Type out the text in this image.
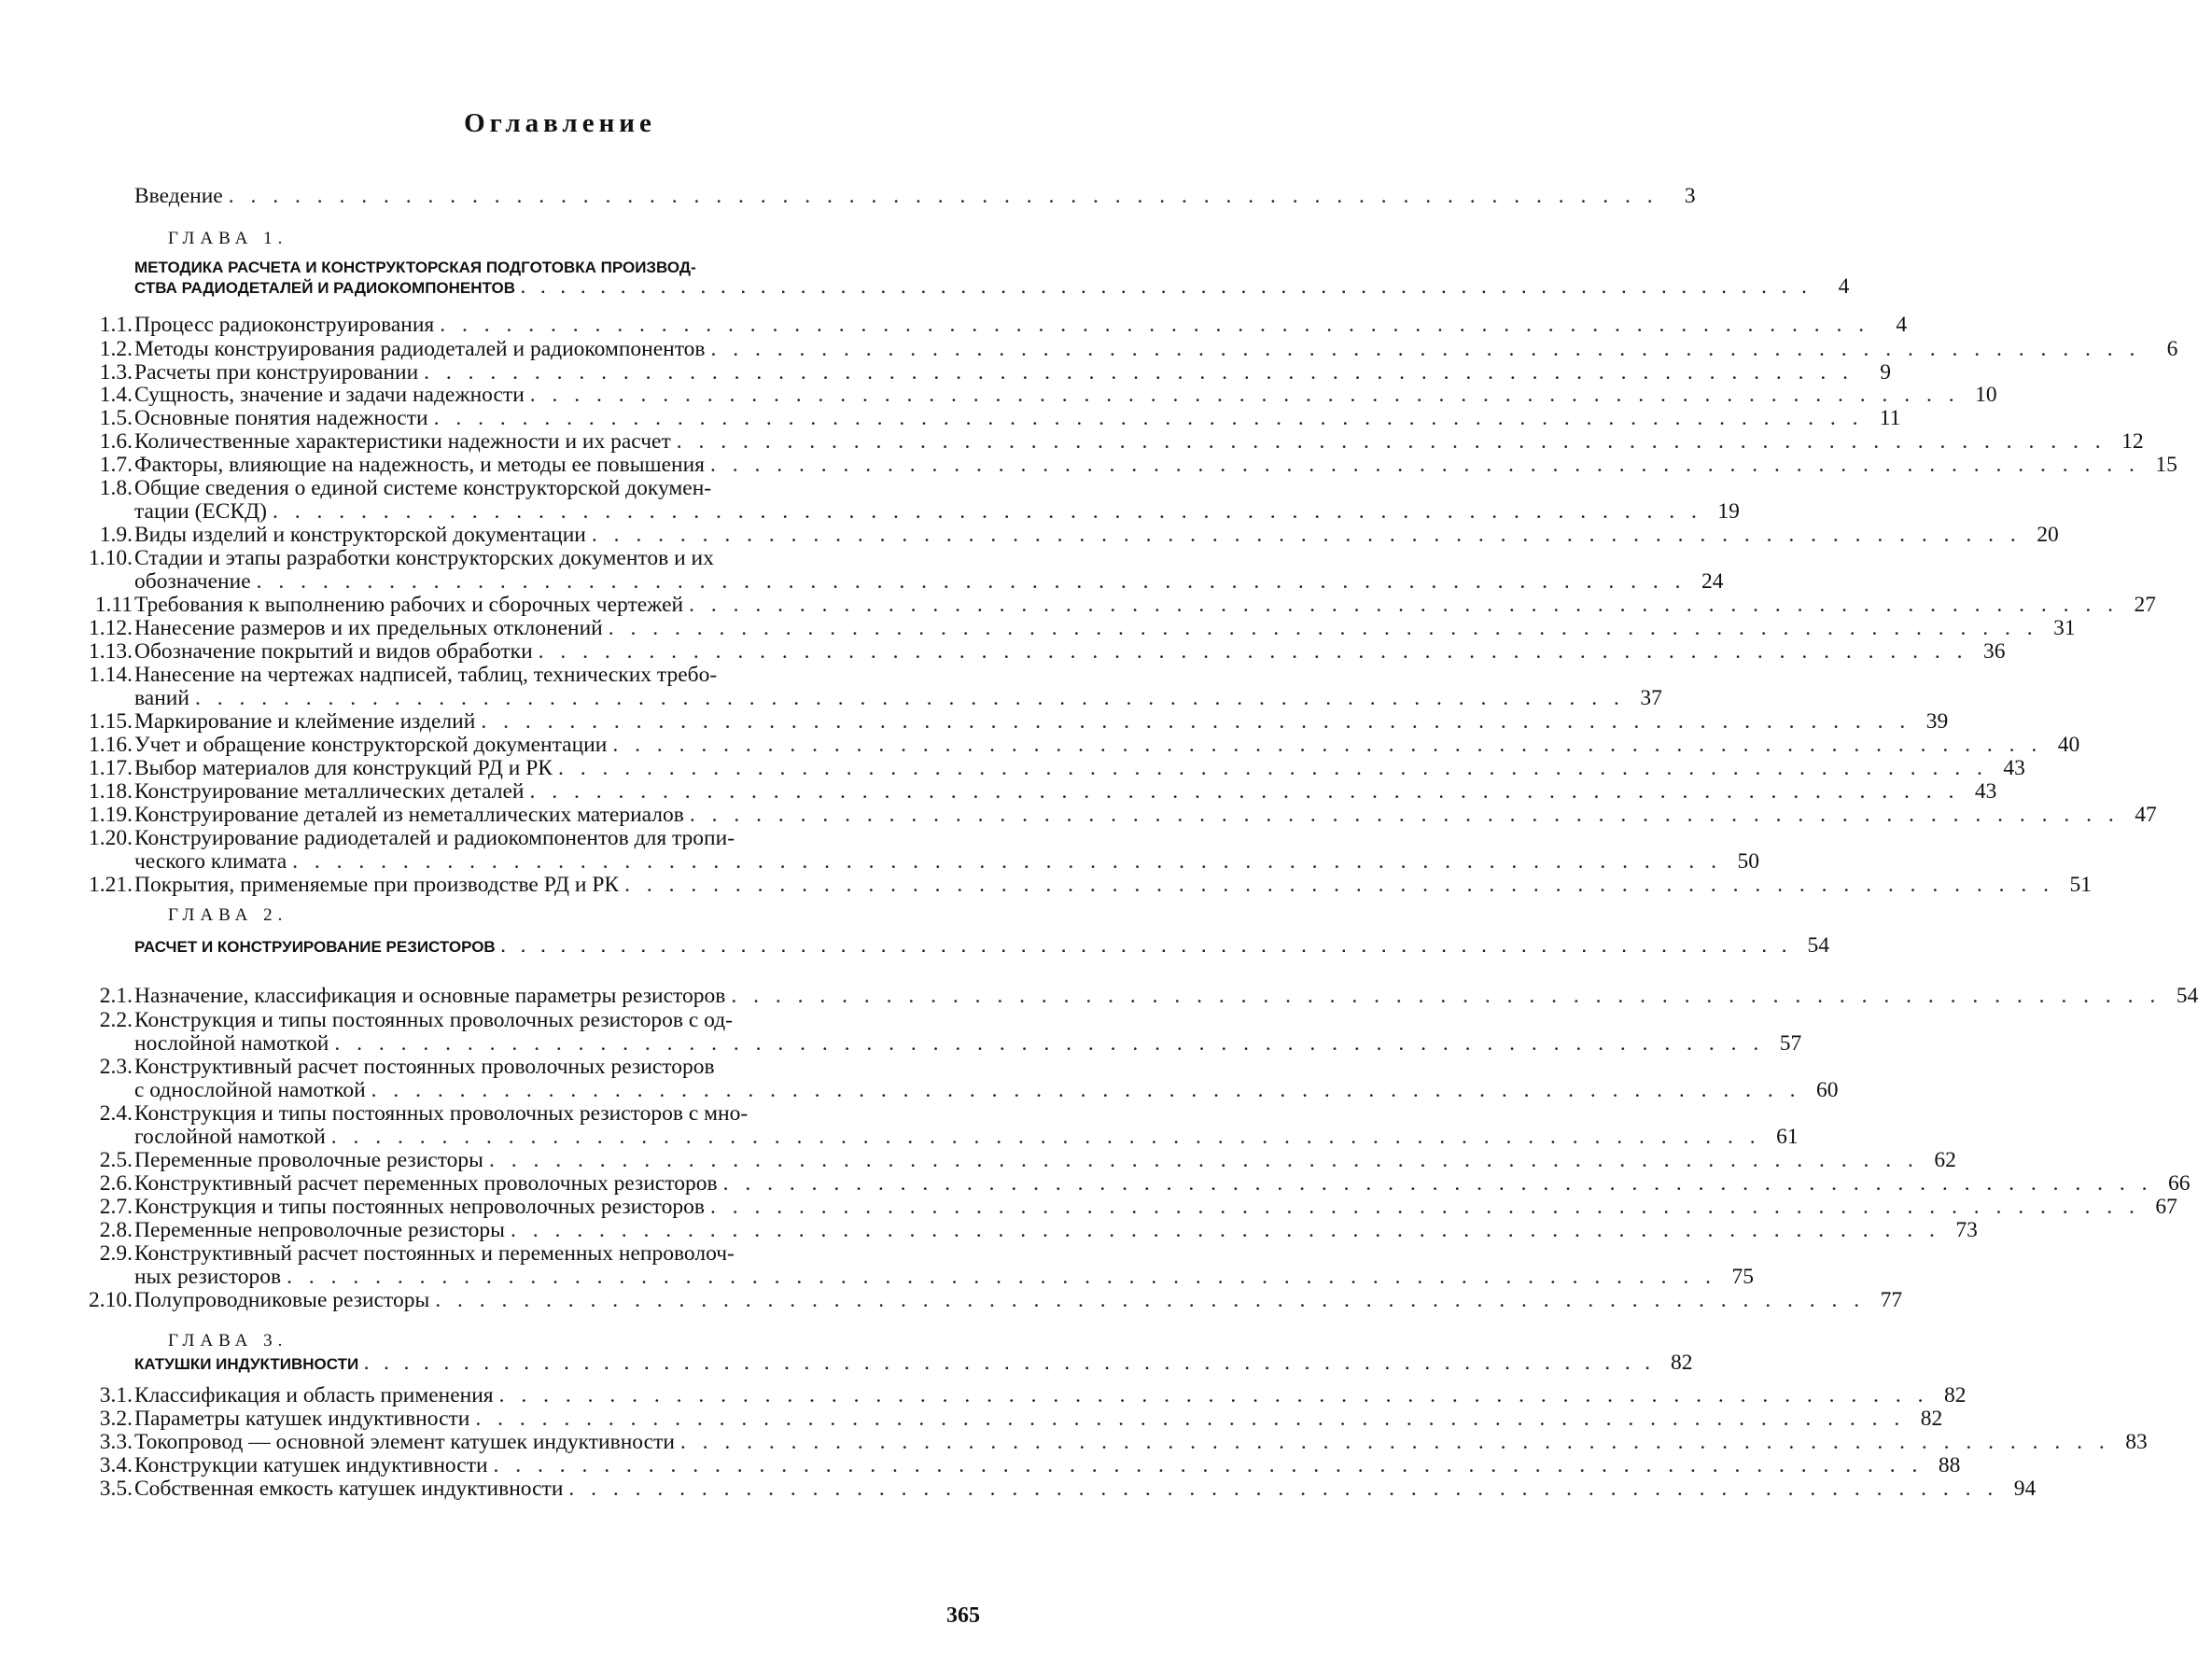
Оглавление
Введение . . . . . . . . . . . . . . . . . . . . . . . . . . . . . . . . . . . . . . . . . . . . . . . . . . . . . . . . . . . . . . . . .	3
ГЛАВА 1.
МЕТОДИКА РАСЧЕТА И КОНСТРУКТОРСКАЯ ПОДГОТОВКА ПРОИЗВОД-
СТВА РАДИОДЕТАЛЕЙ И РАДИОКОМПОНЕНТОВ . . . . . . . . . . . . . . . . . . . . . . . . . . . . . . . . . . . . . . . . . . . . . . . . . . . . . . . . . . . . . . . . .	4
1.1. Процесс радиоконструирования . . . . . . . . . . . . . . . . . . . . . . . . . . . . . . . . . . . . . . . . . . . . . . . . . . . . . . . . . . . . . . . . .	4
1.2. Методы конструирования радиодеталей и радиокомпонентов . . . . . . . . . . . . . . . . . . . . . . . . . . . . . . . . . . . . . . . . . . . . . . . . . . . . . . . . . . . . . . . . .	6
1.3. Расчеты при конструировании . . . . . . . . . . . . . . . . . . . . . . . . . . . . . . . . . . . . . . . . . . . . . . . . . . . . . . . . . . . . . . . . .	9
1.4. Сущность, значение и задачи надежности . . . . . . . . . . . . . . . . . . . . . . . . . . . . . . . . . . . . . . . . . . . . . . . . . . . . . . . . . . . . . . . . . 10
1.5. Основные понятия надежности . . . . . . . . . . . . . . . . . . . . . . . . . . . . . . . . . . . . . . . . . . . . . . . . . . . . . . . . . . . . . . . . . 11
1.6. Количественные характеристики надежности и их расчет . . . . . . . . . . . . . . . . . . . . . . . . . . . . . . . . . . . . . . . . . . . . . . . . . . . . . . . . . . . . . . . . . 12
1.7. Факторы, влияющие на надежность, и методы ее повышения . . . . . . . . . . . . . . . . . . . . . . . . . . . . . . . . . . . . . . . . . . . . . . . . . . . . . . . . . . . . . . . . . 15
1.8. Общие сведения о единой системе конструкторской докумен-
тации (ЕСКД) . . . . . . . . . . . . . . . . . . . . . . . . . . . . . . . . . . . . . . . . . . . . . . . . . . . . . . . . . . . . . . . . . 19
1.9. Виды изделий и конструкторской документации . . . . . . . . . . . . . . . . . . . . . . . . . . . . . . . . . . . . . . . . . . . . . . . . . . . . . . . . . . . . . . . . . 20
1.10. Стадии и этапы разработки конструкторских документов и их
обозначение . . . . . . . . . . . . . . . . . . . . . . . . . . . . . . . . . . . . . . . . . . . . . . . . . . . . . . . . . . . . . . . . . 24
1.11 Требования к выполнению рабочих и сборочных чертежей . . . . . . . . . . . . . . . . . . . . . . . . . . . . . . . . . . . . . . . . . . . . . . . . . . . . . . . . . . . . . . . . . 27
1.12. Нанесение размеров и их предельных отклонений . . . . . . . . . . . . . . . . . . . . . . . . . . . . . . . . . . . . . . . . . . . . . . . . . . . . . . . . . . . . . . . . . 31
1.13. Обозначение покрытий и видов обработки . . . . . . . . . . . . . . . . . . . . . . . . . . . . . . . . . . . . . . . . . . . . . . . . . . . . . . . . . . . . . . . . . 36
1.14. Нанесение на чертежах надписей, таблиц, технических требо-
ваний . . . . . . . . . . . . . . . . . . . . . . . . . . . . . . . . . . . . . . . . . . . . . . . . . . . . . . . . . . . . . . . . . 37
1.15. Маркирование и клеймение изделий . . . . . . . . . . . . . . . . . . . . . . . . . . . . . . . . . . . . . . . . . . . . . . . . . . . . . . . . . . . . . . . . . 39
1.16. Учет и обращение конструкторской документации . . . . . . . . . . . . . . . . . . . . . . . . . . . . . . . . . . . . . . . . . . . . . . . . . . . . . . . . . . . . . . . . . 40
1.17. Выбор материалов для конструкций РД и РК . . . . . . . . . . . . . . . . . . . . . . . . . . . . . . . . . . . . . . . . . . . . . . . . . . . . . . . . . . . . . . . . . 43
1.18. Конструирование металлических деталей . . . . . . . . . . . . . . . . . . . . . . . . . . . . . . . . . . . . . . . . . . . . . . . . . . . . . . . . . . . . . . . . . 43
1.19. Конструирование деталей из неметаллических материалов . . . . . . . . . . . . . . . . . . . . . . . . . . . . . . . . . . . . . . . . . . . . . . . . . . . . . . . . . . . . . . . . . 47
1.20. Конструирование радиодеталей и радиокомпонентов для тропи-
ческого климата . . . . . . . . . . . . . . . . . . . . . . . . . . . . . . . . . . . . . . . . . . . . . . . . . . . . . . . . . . . . . . . . . 50
1.21. Покрытия, применяемые при производстве РД и РК . . . . . . . . . . . . . . . . . . . . . . . . . . . . . . . . . . . . . . . . . . . . . . . . . . . . . . . . . . . . . . . . . 51
ГЛАВА 2.
РАСЧЕТ И КОНСТРУИРОВАНИЕ РЕЗИСТОРОВ . . . . . . . . . . . . . . . . . . . . . . . . . . . . . . . . . . . . . . . . . . . . . . . . . . . . . . . . . . . . . . . . . 54
2.1. Назначение, классификация и основные параметры резисторов . . . . . . . . . . . . . . . . . . . . . . . . . . . . . . . . . . . . . . . . . . . . . . . . . . . . . . . . . . . . . . . . . 54
2.2. Конструкция и типы постоянных проволочных резисторов с од-
нослойной намоткой . . . . . . . . . . . . . . . . . . . . . . . . . . . . . . . . . . . . . . . . . . . . . . . . . . . . . . . . . . . . . . . . . 57
2.3. Конструктивный расчет постоянных проволочных резисторов
с однослойной намоткой . . . . . . . . . . . . . . . . . . . . . . . . . . . . . . . . . . . . . . . . . . . . . . . . . . . . . . . . . . . . . . . . . 60
2.4. Конструкция и типы постоянных проволочных резисторов с мно-
гослойной намоткой . . . . . . . . . . . . . . . . . . . . . . . . . . . . . . . . . . . . . . . . . . . . . . . . . . . . . . . . . . . . . . . . . 61
2.5. Переменные проволочные резисторы . . . . . . . . . . . . . . . . . . . . . . . . . . . . . . . . . . . . . . . . . . . . . . . . . . . . . . . . . . . . . . . . . 62
2.6. Конструктивный расчет переменных проволочных резисторов . . . . . . . . . . . . . . . . . . . . . . . . . . . . . . . . . . . . . . . . . . . . . . . . . . . . . . . . . . . . . . . . . 66
2.7. Конструкция и типы постоянных непроволочных резисторов . . . . . . . . . . . . . . . . . . . . . . . . . . . . . . . . . . . . . . . . . . . . . . . . . . . . . . . . . . . . . . . . . 67
2.8. Переменные непроволочные резисторы . . . . . . . . . . . . . . . . . . . . . . . . . . . . . . . . . . . . . . . . . . . . . . . . . . . . . . . . . . . . . . . . . 73
2.9. Конструктивный расчет постоянных и переменных непроволоч-
ных резисторов . . . . . . . . . . . . . . . . . . . . . . . . . . . . . . . . . . . . . . . . . . . . . . . . . . . . . . . . . . . . . . . . . 75
2.10. Полупроводниковые резисторы . . . . . . . . . . . . . . . . . . . . . . . . . . . . . . . . . . . . . . . . . . . . . . . . . . . . . . . . . . . . . . . . . 77
ГЛАВА 3.
КАТУШКИ ИНДУКТИВНОСТИ . . . . . . . . . . . . . . . . . . . . . . . . . . . . . . . . . . . . . . . . . . . . . . . . . . . . . . . . . . . . . . . . . 82
3.1. Классификация и область применения . . . . . . . . . . . . . . . . . . . . . . . . . . . . . . . . . . . . . . . . . . . . . . . . . . . . . . . . . . . . . . . . . 82
3.2. Параметры катушек индуктивности . . . . . . . . . . . . . . . . . . . . . . . . . . . . . . . . . . . . . . . . . . . . . . . . . . . . . . . . . . . . . . . . . 82
3.3. Токопровод — основной элемент катушек индуктивности . . . . . . . . . . . . . . . . . . . . . . . . . . . . . . . . . . . . . . . . . . . . . . . . . . . . . . . . . . . . . . . . . 83
3.4. Конструкции катушек индуктивности . . . . . . . . . . . . . . . . . . . . . . . . . . . . . . . . . . . . . . . . . . . . . . . . . . . . . . . . . . . . . . . . . 88
3.5. Собственная емкость катушек индуктивности . . . . . . . . . . . . . . . . . . . . . . . . . . . . . . . . . . . . . . . . . . . . . . . . . . . . . . . . . . . . . . . . . 94
365
